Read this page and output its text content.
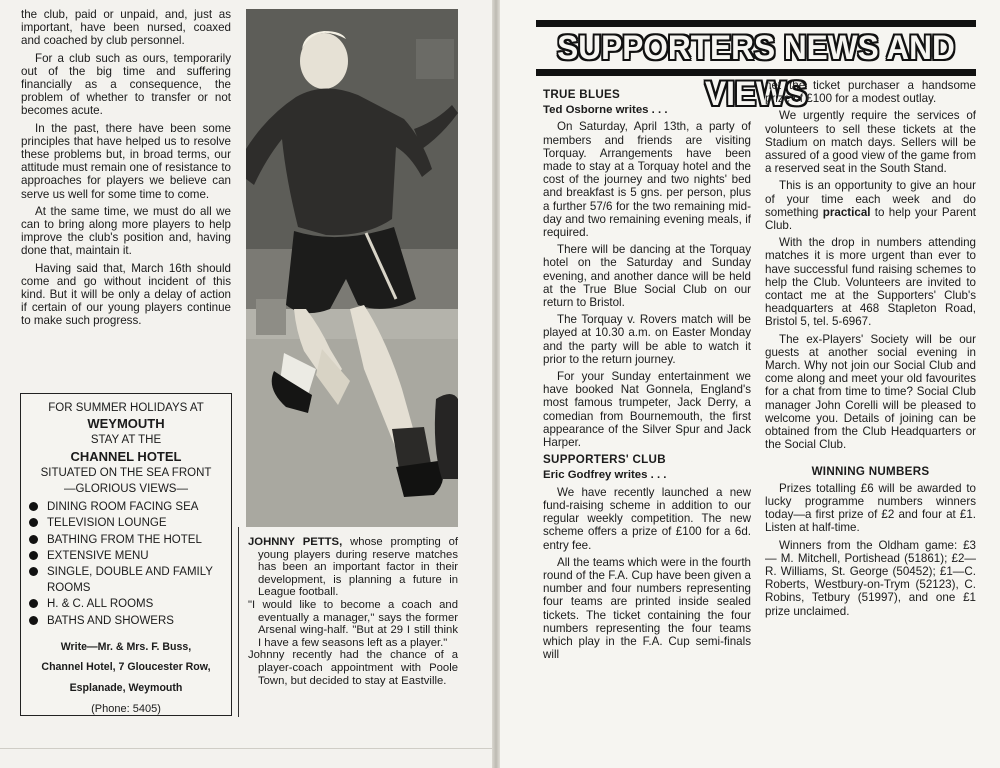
the club, paid or unpaid, and, just as important, have been nursed, coaxed and coached by club personnel.

For a club such as ours, temporarily out of the big time and suffering financially as a consequence, the problem of whether to transfer or not becomes acute.

In the past, there have been some principles that have helped us to resolve these problems but, in broad terms, our attitude must remain one of resistance to approaches for players we believe can serve us well for some time to come.

At the same time, we must do all we can to bring along more players to help improve the club's position and, having done that, maintain it.

Having said that, March 16th should come and go without incident of this kind. But it will be only a delay of action if certain of our young players continue to make such progress.

FOR SUMMER HOLIDAYS AT
WEYMOUTH
STAY AT THE
CHANNEL HOTEL
SITUATED ON THE SEA FRONT
—GLORIOUS VIEWS—
DINING ROOM FACING SEA
TELEVISION LOUNGE
BATHING FROM THE HOTEL
EXTENSIVE MENU
SINGLE, DOUBLE AND FAMILY ROOMS
H. & C. ALL ROOMS
BATHS AND SHOWERS
Write—Mr. & Mrs. F. Buss,
Channel Hotel, 7 Gloucester Row,
Esplanade, Weymouth
(Phone: 5405)

JOHNNY PETTS, whose prompting of young players during reserve matches has been an important factor in their development, is planning a future in League football.

"I would like to become a coach and eventually a manager," says the former Arsenal wing-half. "But at 29 I still think I have a few seasons left as a player."

Johnny recently had the chance of a player-coach appointment with Poole Town, but decided to stay at Eastville.

SUPPORTERS NEWS AND VIEWS
TRUE BLUES
Ted Osborne writes . . .

On Saturday, April 13th, a party of members and friends are visiting Torquay. Arrangements have been made to stay at a Torquay hotel and the cost of the journey and two nights' bed and breakfast is 5 gns. per person, plus a further 57/6 for the two remaining mid-day and two remaining evening meals, if required.

There will be dancing at the Torquay hotel on the Saturday and Sunday evening, and another dance will be held at the True Blue Social Club on our return to Bristol.

The Torquay v. Rovers match will be played at 10.30 a.m. on Easter Monday and the party will be able to watch it prior to the return journey.

For your Sunday entertainment we have booked Nat Gonnela, England's most famous trumpeter, Jack Derry, a comedian from Bournemouth, the first appearance of the Silver Spur and Jack Harper.

SUPPORTERS' CLUB
Eric Godfrey writes . . .

We have recently launched a new fund-raising scheme in addition to our regular weekly competition. The new scheme offers a prize of £100 for a 6d. entry fee.

All the teams which were in the fourth round of the F.A. Cup have been given a number and four numbers representing four teams are printed inside sealed tickets. The ticket containing the four numbers representing the four teams which play in the F.A. Cup semi-finals will

net the ticket purchaser a handsome prize of £100 for a modest outlay.

We urgently require the services of volunteers to sell these tickets at the Stadium on match days. Sellers will be assured of a good view of the game from a reserved seat in the South Stand.

This is an opportunity to give an hour of your time each week and do something practical to help your Parent Club.

With the drop in numbers attending matches it is more urgent than ever to have successful fund raising schemes to help the Club. Volunteers are invited to contact me at the Supporters' Club's headquarters at 468 Stapleton Road, Bristol 5, tel. 5-6967.

The ex-Players' Society will be our guests at another social evening in March. Why not join our Social Club and come along and meet your old favourites for a chat from time to time? Social Club manager John Corelli will be pleased to welcome you. Details of joining can be obtained from the Club Headquarters or the Social Club.

WINNING NUMBERS

Prizes totalling £6 will be awarded to lucky programme numbers winners today—a first prize of £2 and four at £1. Listen at half-time.

Winners from the Oldham game: £3 — M. Mitchell, Portishead (51861); £2—R. Williams, St. George (50452); £1—C. Roberts, Westbury-on-Trym (52123), C. Robins, Tetbury (51997), and one £1 prize unclaimed.
